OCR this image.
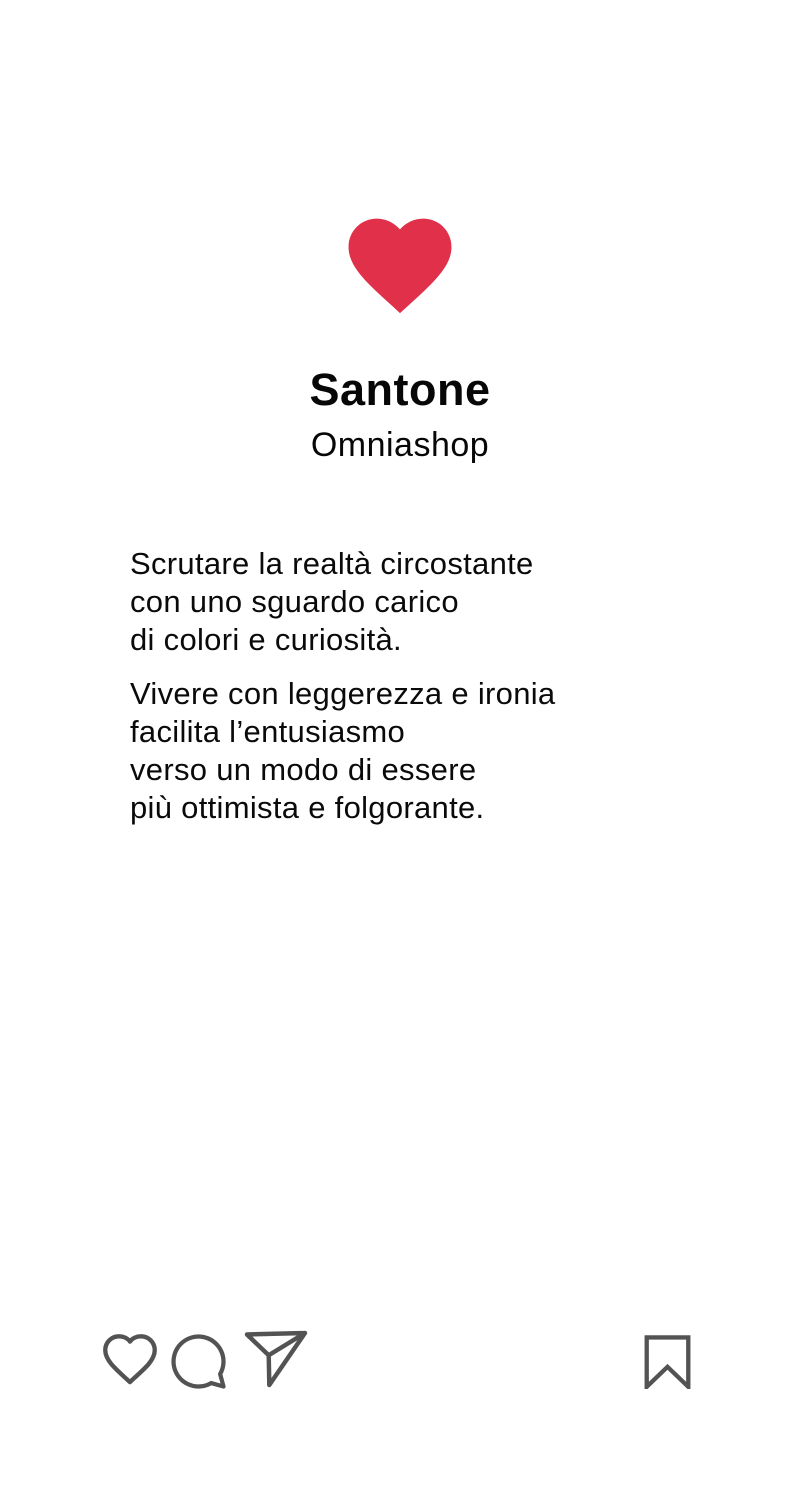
Santone
Omniashop

Scrutare la realtà circostante
con uno sguardo carico
di colori e curiosità.

Vivere con leggerezza e ironia
facilita l’entusiasmo
verso un modo di essere
più ottimista e folgorante.
